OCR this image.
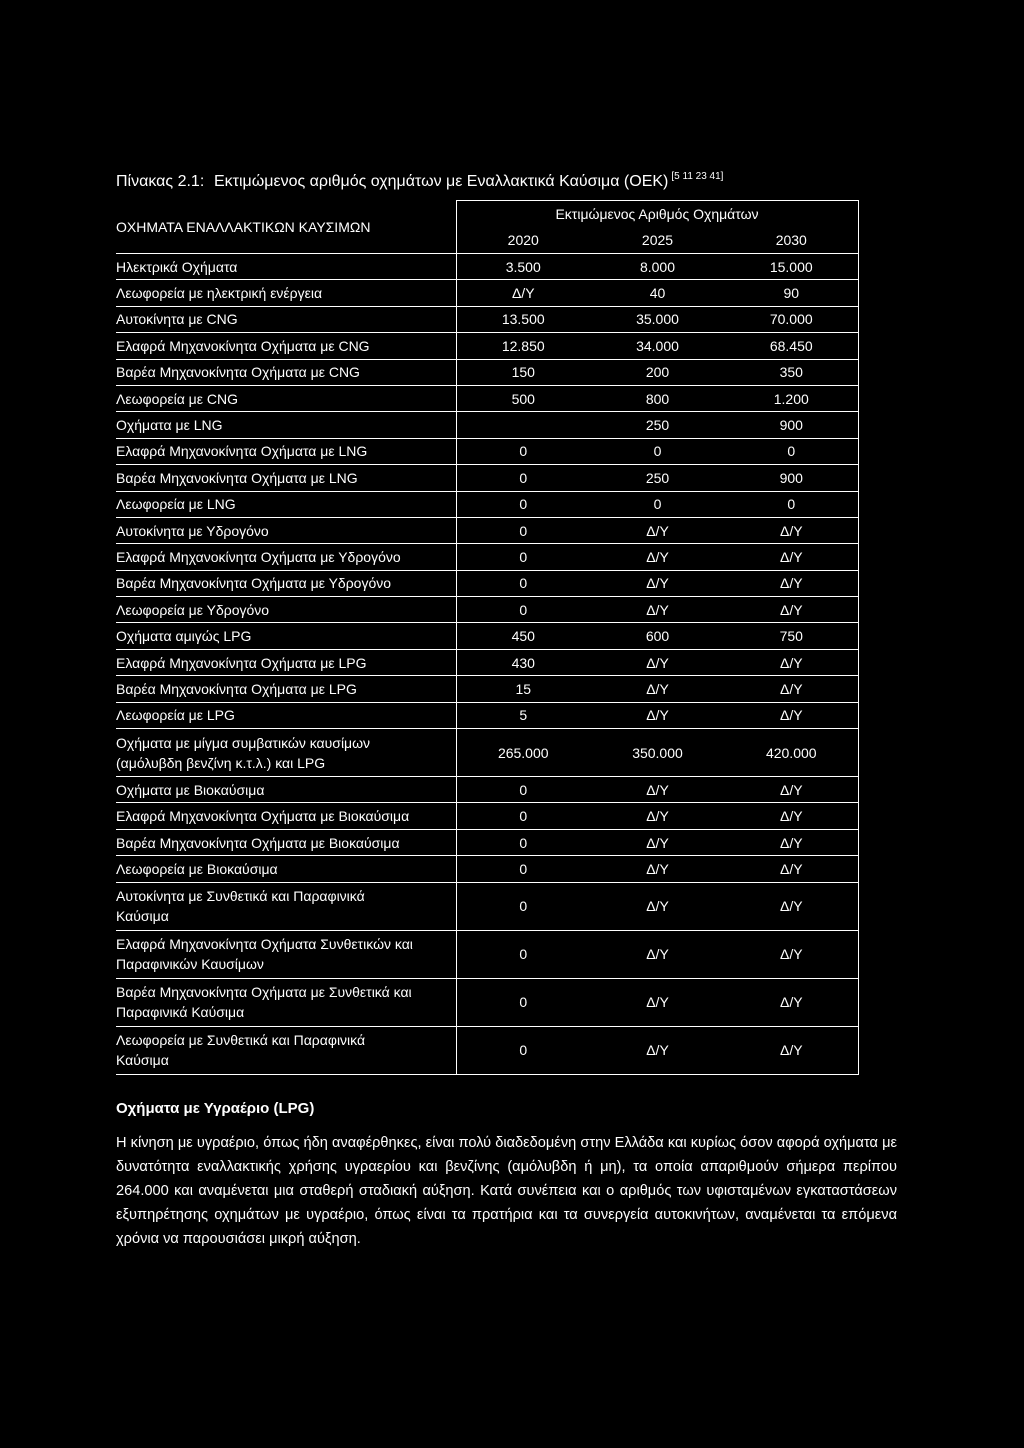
Πίνακας 2.1: Εκτιμώμενος αριθμός οχημάτων με Εναλλακτικά Καύσιμα (ΟΕΚ) [5 11 23 41]
ΟΧΗΜΑΤΑ ΕΝΑΛΛΑΚΤΙΚΩΝ ΚΑΥΣΙΜΩΝ	Εκτιμώμενος Αριθμός Οχημάτων		
	2020	2025	2030
Ηλεκτρικά Οχήματα	3.500	8.000	15.000
Λεωφορεία με ηλεκτρική ενέργεια	Δ/Υ	40	90
Αυτοκίνητα με CNG	13.500	35.000	70.000
Ελαφρά Μηχανοκίνητα Οχήματα με CNG	12.850	34.000	68.450
Βαρέα Μηχανοκίνητα Οχήματα με CNG	150	200	350
Λεωφορεία με CNG	500	800	1.200
Οχήματα με LNG		250	900
Ελαφρά Μηχανοκίνητα Οχήματα με LNG	0	0	0
Βαρέα Μηχανοκίνητα Οχήματα με LNG	0	250	900
Λεωφορεία με LNG	0	0	0
Αυτοκίνητα με Υδρογόνο	0	Δ/Υ	Δ/Υ
Ελαφρά Μηχανοκίνητα Οχήματα με Υδρογόνο	0	Δ/Υ	Δ/Υ
Βαρέα Μηχανοκίνητα Οχήματα με Υδρογόνο	0	Δ/Υ	Δ/Υ
Λεωφορεία με Υδρογόνο	0	Δ/Υ	Δ/Υ
Οχήματα αμιγώς LPG	450	600	750
Ελαφρά Μηχανοκίνητα Οχήματα με LPG	430	Δ/Υ	Δ/Υ
Βαρέα Μηχανοκίνητα Οχήματα με LPG	15	Δ/Υ	Δ/Υ
Λεωφορεία με LPG	5	Δ/Υ	Δ/Υ
Οχήματα με μίγμα συμβατικών καυσίμων
(αμόλυβδη βενζίνη κ.τ.λ.) και LPG	265.000	350.000	420.000
Οχήματα με Βιοκαύσιμα	0	Δ/Υ	Δ/Υ
Ελαφρά Μηχανοκίνητα Οχήματα με Βιοκαύσιμα	0	Δ/Υ	Δ/Υ
Βαρέα Μηχανοκίνητα Οχήματα με Βιοκαύσιμα	0	Δ/Υ	Δ/Υ
Λεωφορεία με Βιοκαύσιμα	0	Δ/Υ	Δ/Υ
Αυτοκίνητα με Συνθετικά και Παραφινικά
Καύσιμα	0	Δ/Υ	Δ/Υ
Ελαφρά Μηχανοκίνητα Οχήματα Συνθετικών και
Παραφινικών Καυσίμων	0	Δ/Υ	Δ/Υ
Βαρέα Μηχανοκίνητα Οχήματα με Συνθετικά και
Παραφινικά Καύσιμα	0	Δ/Υ	Δ/Υ
Λεωφορεία με Συνθετικά και Παραφινικά
Καύσιμα	0	Δ/Υ	Δ/Υ
Οχήματα με Υγραέριο (LPG)
Η κίνηση με υγραέριο, όπως ήδη αναφέρθηκες, είναι πολύ διαδεδομένη στην Ελλάδα και κυρίως όσον αφορά οχήματα με δυνατότητα εναλλακτικής χρήσης υγραερίου και βενζίνης (αμόλυβδη ή μη), τα οποία απαριθμούν σήμερα περίπου 264.000 και αναμένεται μια σταθερή σταδιακή αύξηση. Κατά συνέπεια και ο αριθμός των υφισταμένων εγκαταστάσεων εξυπηρέτησης οχημάτων με υγραέριο, όπως είναι τα πρατήρια και τα συνεργεία αυτοκινήτων, αναμένεται τα επόμενα χρόνια να παρουσιάσει μικρή αύξηση.
